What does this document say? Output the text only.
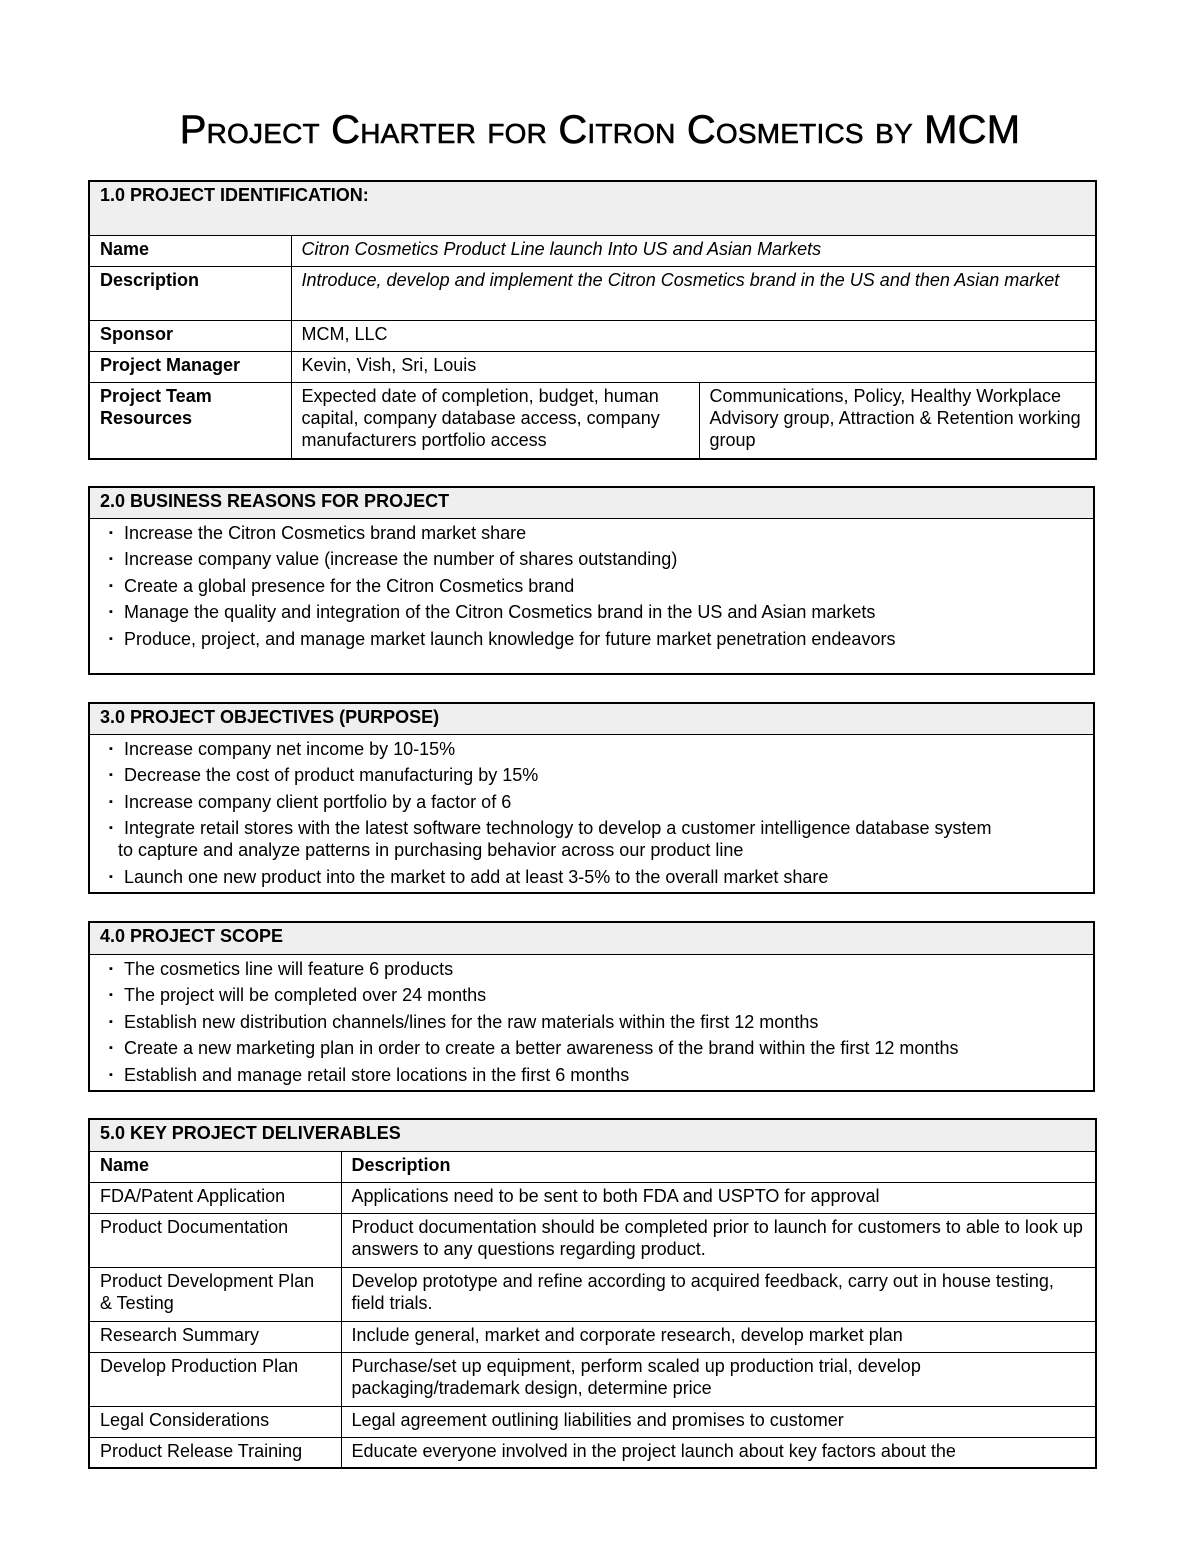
Project Charter for Citron Cosmetics by MCM
1.0 PROJECT IDENTIFICATION:		
Name	Citron Cosmetics Product Line launch Into US and Asian Markets	
Description	Introduce, develop and implement the Citron Cosmetics brand in the US and then Asian market	
Sponsor	MCM, LLC	
Project Manager	Kevin, Vish, Sri, Louis	
Project Team Resources	Expected date of completion, budget, human capital, company database access, company manufacturers portfolio access	Communications, Policy, Healthy Workplace Advisory group, Attraction & Retention working group
2.0 BUSINESS REASONS FOR PROJECT

▪ Increase the Citron Cosmetics brand market share
▪ Increase company value (increase the number of shares outstanding)
▪ Create a global presence for the Citron Cosmetics brand
▪ Manage the quality and integration of the Citron Cosmetics brand in the US and Asian markets
▪ Produce, project, and manage market launch knowledge for future market penetration endeavors
3.0 PROJECT OBJECTIVES (PURPOSE)

▪ Increase company net income by 10-15%
▪ Decrease the cost of product manufacturing by 15%
▪ Increase company client portfolio by a factor of 6
▪ Integrate retail stores with the latest software technology to develop a customer intelligence database system
to capture and analyze patterns in purchasing behavior across our product line
▪ Launch one new product into the market to add at least 3-5% to the overall market share
4.0 PROJECT SCOPE

▪ The cosmetics line will feature 6 products
▪ The project will be completed over 24 months
▪ Establish new distribution channels/lines for the raw materials within the first 12 months
▪ Create a new marketing plan in order to create a better awareness of the brand within the first 12 months
▪ Establish and manage retail store locations in the first 6 months
5.0 KEY PROJECT DELIVERABLES	
Name	Description
FDA/Patent Application	Applications need to be sent to both FDA and USPTO for approval
Product Documentation	Product documentation should be completed prior to launch for customers to able to look up answers to any questions regarding product.
Product Development Plan & Testing	Develop prototype and refine according to acquired feedback, carry out in house testing, field trials.
Research Summary	Include general, market and corporate research, develop market plan
Develop Production Plan	Purchase/set up equipment, perform scaled up production trial, develop packaging/trademark design, determine price
Legal Considerations	Legal agreement outlining liabilities and promises to customer
Product Release Training	Educate everyone involved in the project launch about key factors about the
